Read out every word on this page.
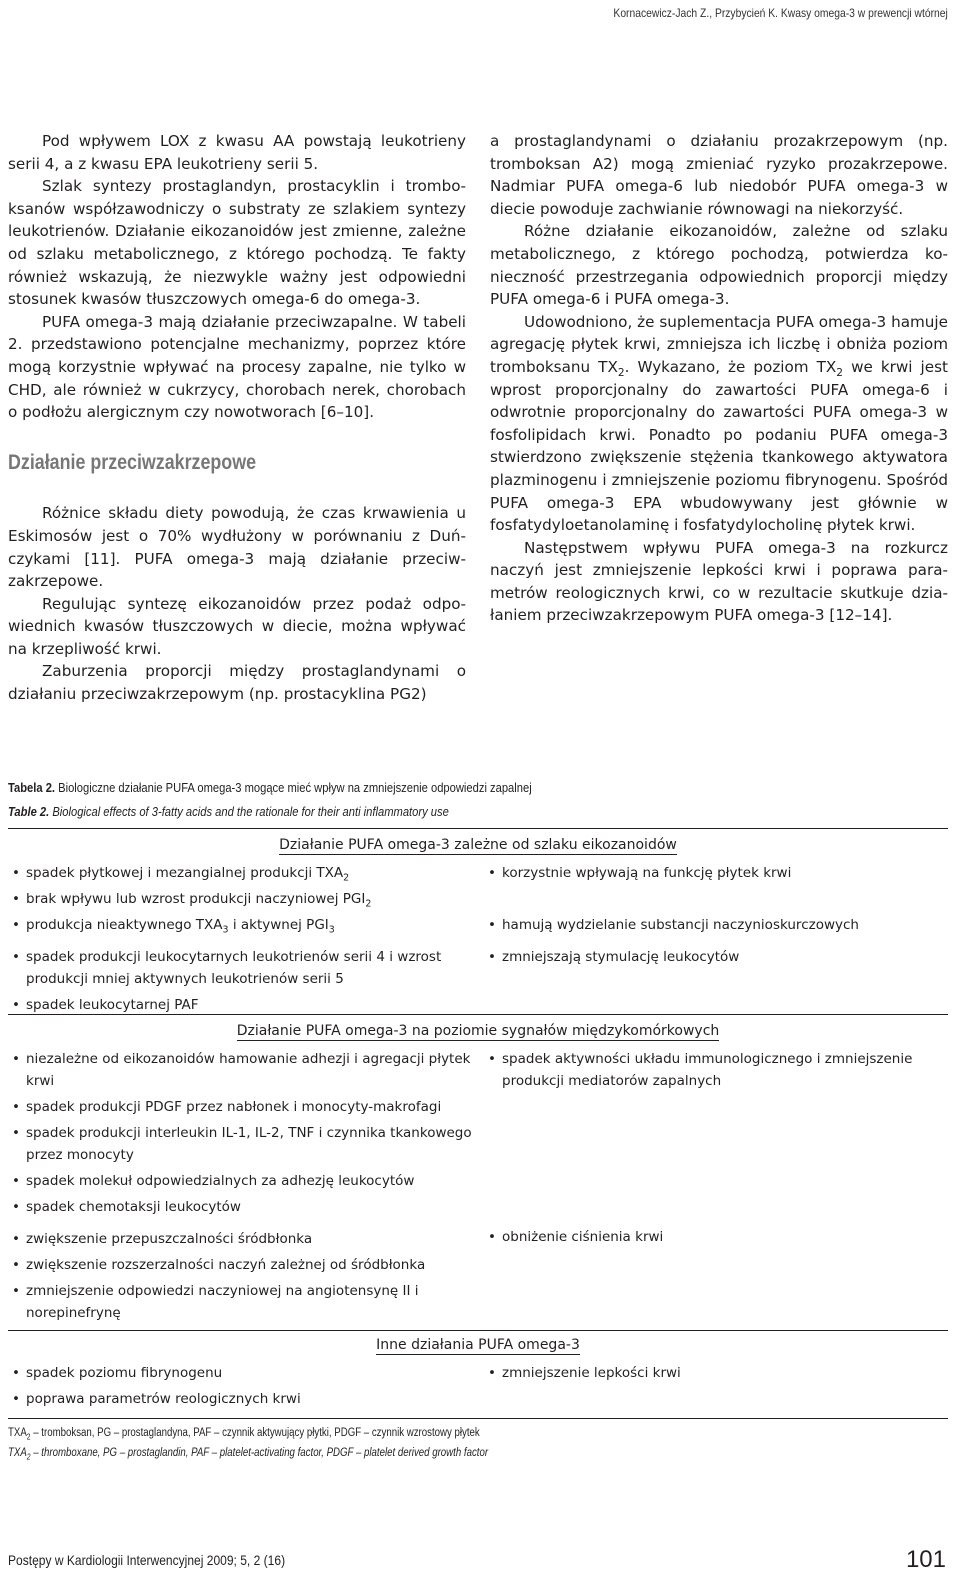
Kornacewicz-Jach Z., Przybycień K. Kwasy omega-3 w prewencji wtórnej

Pod wpływem LOX z kwasu AA powstają leukotrieny serii 4, a z kwasu EPA leukotrieny serii 5.

Szlak syntezy prostaglandyn, prostacyklin i tromboksanów współzawodniczy o substraty ze szlakiem syntezy leukotrienów. Działanie eikozanoidów jest zmienne, zależne od szlaku metabolicznego, z którego pochodzą. Te fakty również wskazują, że niezwykle ważny jest odpowiedni stosunek kwasów tłuszczowych omega-6 do omega-3.

PUFA omega-3 mają działanie przeciwzapalne. W tabeli 2. przedstawiono potencjalne mechanizmy, poprzez które mogą korzystnie wpływać na procesy zapalne, nie tylko w CHD, ale również w cukrzycy, chorobach nerek, chorobach o podłożu alergicznym czy nowotworach [6–10].

Działanie przeciwzakrzepowe

Różnice składu diety powodują, że czas krwawienia u Eskimosów jest o 70% wydłużony w porównaniu z Duńczykami [11]. PUFA omega-3 mają działanie przeciwzakrzepowe.

Regulując syntezę eikozanoidów przez podaż odpowiednich kwasów tłuszczowych w diecie, można wpływać na krzepliwość krwi.

Zaburzenia proporcji między prostaglandynami o działaniu przeciwzakrzepowym (np. prostacyklina PG2)

a prostaglandynami o działaniu prozakrzepowym (np. tromboksan A2) mogą zmieniać ryzyko prozakrzepowe. Nadmiar PUFA omega-6 lub niedobór PUFA omega-3 w diecie powoduje zachwianie równowagi na niekorzyść.

Różne działanie eikozanoidów, zależne od szlaku metabolicznego, z którego pochodzą, potwierdza konieczność przestrzegania odpowiednich proporcji między PUFA omega-6 i PUFA omega-3.

Udowodniono, że suplementacja PUFA omega-3 hamuje agregację płytek krwi, zmniejsza ich liczbę i obniża poziom tromboksanu $TX_2$. Wykazano, że poziom $TX_2$ we krwi jest wprost proporcjonalny do zawartości PUFA omega-6 i odwrotnie proporcjonalny do zawartości PUFA omega-3 w fosfolipidach krwi. Ponadto po podaniu PUFA omega-3 stwierdzono zwiększenie stężenia tkankowego aktywatora plazminogenu i zmniejszenie poziomu fibrynogenu. Spośród PUFA omega-3 EPA wbudowywany jest głównie w fosfatydyloetanolaminę i fosfatydylocholinę płytek krwi.

Następstwem wpływu PUFA omega-3 na rozkurcz naczyń jest zmniejszenie lepkości krwi i poprawa parametrów reologicznych krwi, co w rezultacie skutkuje działaniem przeciwzakrzepowym PUFA omega-3 [12–14].

Tabela 2. Biologiczne działanie PUFA omega-3 mogące mieć wpływ na zmniejszenie odpowiedzi zapalnej
Table 2. Biological effects of 3-fatty acids and the rationale for their anti inflammatory use
Działanie PUFA omega-3 zależne od szlaku eikozanoidów
• spadek płytkowej i mezangialnej produkcji $TXA_2$
• brak wpływu lub wzrost produkcji naczyniowej $PGI_2$
• produkcja nieaktywnego $TXA_3$ i aktywnej $PGI_3$
• spadek produkcji leukocytarnych leukotrienów serii 4 i wzrost produkcji mniej aktywnych leukotrienów serii 5
• spadek leukocytarnej PAF
• korzystnie wpływają na funkcję płytek krwi
• hamują wydzielanie substancji naczynioskurczowych
• zmniejszają stymulację leukocytów
Działanie PUFA omega-3 na poziomie sygnałów międzykomórkowych
• niezależne od eikozanoidów hamowanie adhezji i agregacji płytek krwi
• spadek produkcji PDGF przez nabłonek i monocyty-makrofagi
• spadek produkcji interleukin IL-1, IL-2, TNF i czynnika tkankowego przez monocyty
• spadek molekuł odpowiedzialnych za adhezję leukocytów
• spadek chemotaksji leukocytów
• zwiększenie przepuszczalności śródbłonka
• zwiększenie rozszerzalności naczyń zależnej od śródbłonka
• zmniejszenie odpowiedzi naczyniowej na angiotensynę II i norepinefrynę
• spadek aktywności układu immunologicznego i zmniejszenie produkcji mediatorów zapalnych
• obniżenie ciśnienia krwi
Inne działania PUFA omega-3
• spadek poziomu fibrynogenu
• poprawa parametrów reologicznych krwi
• zmniejszenie lepkości krwi
$TXA_2$ – tromboksan, PG – prostaglandyna, PAF – czynnik aktywujący płytki, PDGF – czynnik wzrostowy płytek
$TXA_2$ – thromboxane, PG – prostaglandin, PAF – platelet-activating factor, PDGF – platelet derived growth factor
Postępy w Kardiologii Interwencyjnej 2009; 5, 2 (16)	101
